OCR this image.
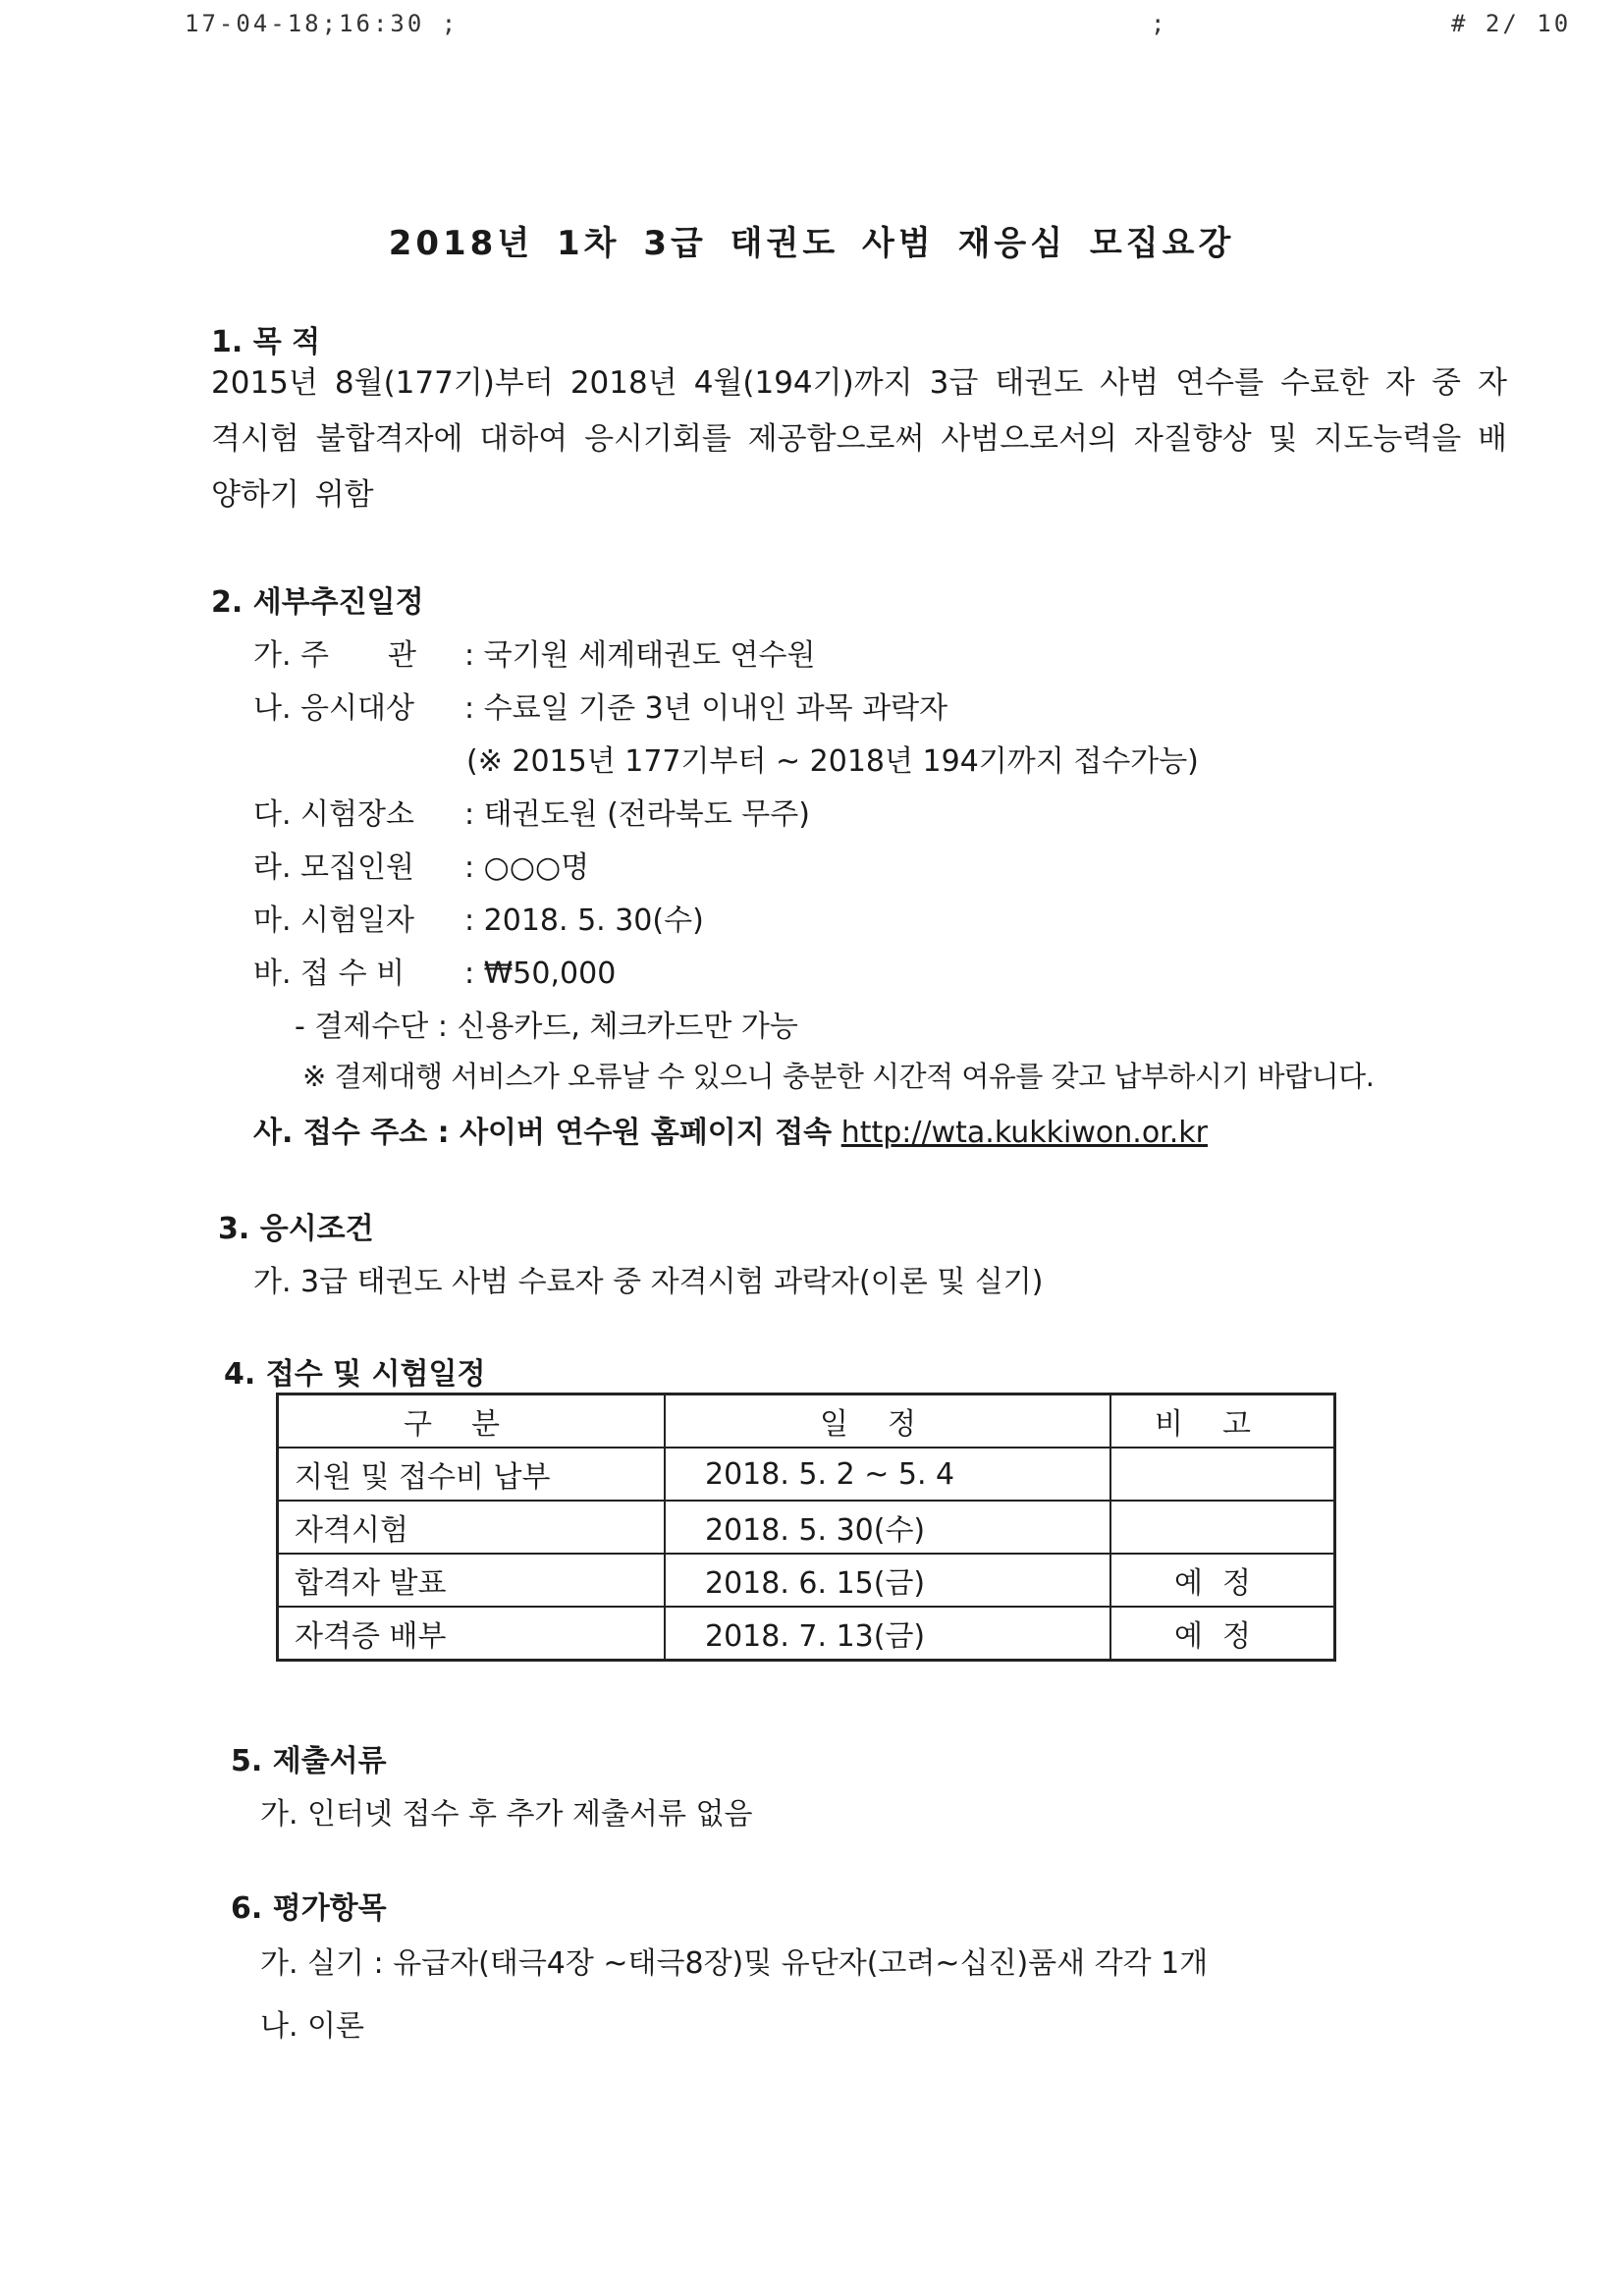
17-04-18;16:30 ;	;	# 2/ 10
2018년 1차 3급 태권도 사범 재응심 모집요강
1. 목 적
2015년 8월(177기)부터 2018년 4월(194기)까지 3급 태권도 사범 연수를 수료한 자 중 자격시험 불합격자에 대하여 응시기회를 제공함으로써 사범으로서의 자질향상 및 지도능력을 배양하기 위함
2. 세부추진일정
가. 주　　관 : 국기원 세계태권도 연수원
나. 응시대상 : 수료일 기준 3년 이내인 과목 과락자
(※ 2015년 177기부터 ~ 2018년 194기까지 접수가능)
다. 시험장소 : 태권도원 (전라북도 무주)
라. 모집인원 : ○○○명
마. 시험일자 : 2018. 5. 30(수)
바. 접 수 비 : ₩50,000
- 결제수단 : 신용카드, 체크카드만 가능
※ 결제대행 서비스가 오류날 수 있으니 충분한 시간적 여유를 갖고 납부하시기 바랍니다.
사. 접수 주소 : 사이버 연수원 홈페이지 접속 http://wta.kukkiwon.or.kr
3. 응시조건
가. 3급 태권도 사범 수료자 중 자격시험 과락자(이론 및 실기)
4. 접수 및 시험일정
구분	일정	비고
지원 및 접수비 납부	2018. 5. 2 ~ 5. 4	
자격시험	2018. 5. 30(수)	
합격자 발표	2018. 6. 15(금)	예정
자격증 배부	2018. 7. 13(금)	예정
5. 제출서류
가. 인터넷 접수 후 추가 제출서류 없음
6. 평가항목
가. 실기 : 유급자(태극4장 ~태극8장)및 유단자(고려~십진)품새 각각 1개
나. 이론
